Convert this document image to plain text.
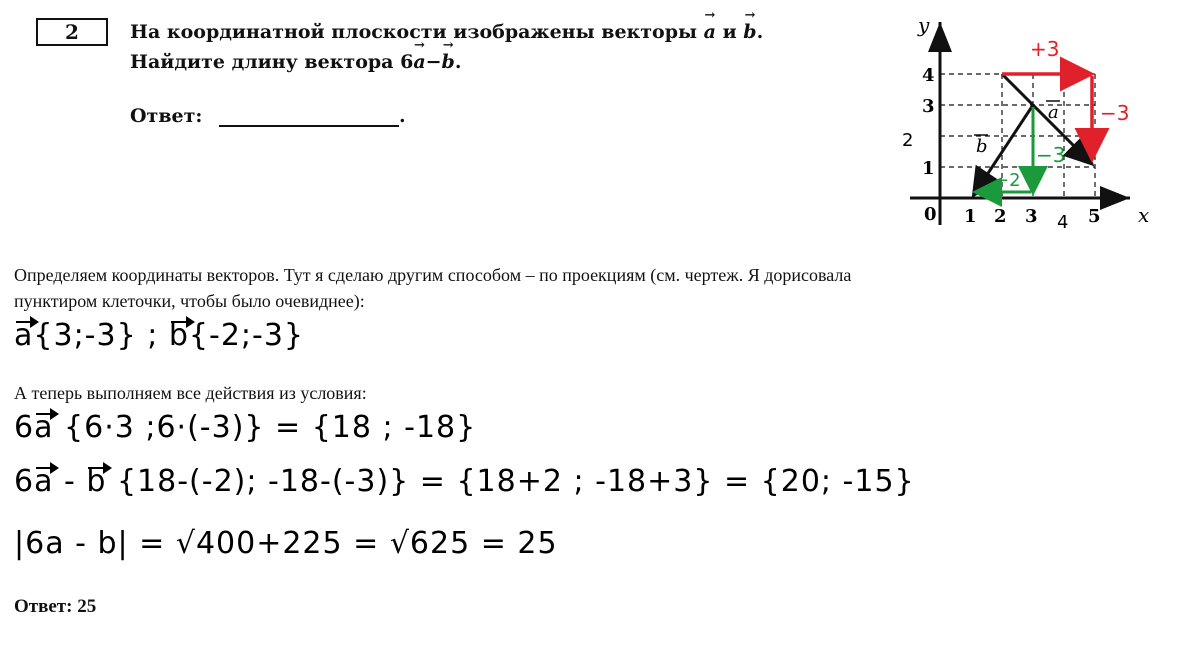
2	На координатной плоскости изображены векторы → a и → b.
Найдите длину вектора 6→ a−→ b.
Ответ:	.
x
y
0 1 2 3	5
4
1
3
4
2
a
b
+3
−3
−3
−2
Определяем координаты векторов. Тут я сделаю другим способом – по проекциям (см. чертеж. Я дорисовала
пунктиром клеточки, чтобы было очевиднее):
a{3;-3} ; b{-2;-3}
А теперь выполняем все действия из условия:
6a {6·3 ;6·(-3)} = {18 ; -18}
6a - b {18-(-2); -18-(-3)} = {18+2 ; -18+3} = {20; -15}
|6a - b| = √400+225 = √625 = 25
Ответ: 25
